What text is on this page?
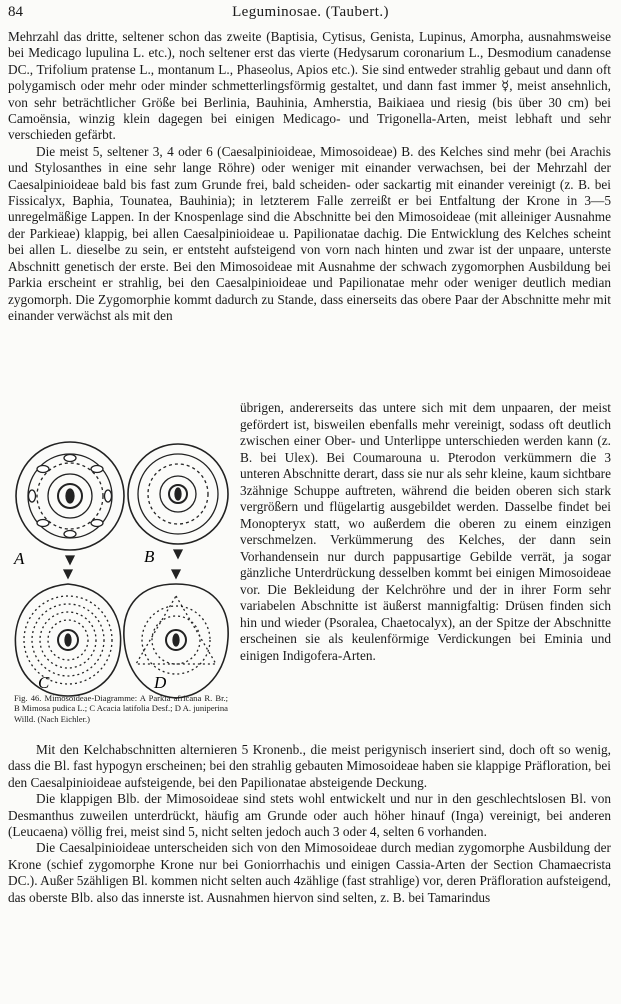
84	Leguminosae. (Taubert.)

Mehrzahl das dritte, seltener schon das zweite (Baptisia, Cytisus, Genista, Lupinus, Amorpha, ausnahmsweise bei Medicago lupulina L. etc.), noch seltener erst das vierte (Hedysarum coronarium L., Desmodium canadense DC., Trifolium pratense L., montanum L., Phaseolus, Apios etc.). Sie sind entweder strahlig gebaut und dann oft polygamisch oder mehr oder minder schmetterlingsförmig gestaltet, und dann fast immer ☿, meist ansehnlich, von sehr beträchtlicher Größe bei Berlinia, Bauhinia, Amherstia, Baikiaea und riesig (bis über 30 cm) bei Camoënsia, winzig klein dagegen bei einigen Medicago- und Trigonella-Arten, meist lebhaft und sehr verschieden gefärbt.

Die meist 5, seltener 3, 4 oder 6 (Caesalpinioideae, Mimosoideae) B. des Kelches sind mehr (bei Arachis und Stylosanthes in eine sehr lange Röhre) oder weniger mit einander verwachsen, bei der Mehrzahl der Caesalpinioideae bald bis fast zum Grunde frei, bald scheiden- oder sackartig mit einander vereinigt (z. B. bei Fissicalyx, Baphia, Tounatea, Bauhinia); in letzterem Falle zerreißt er bei Entfaltung der Krone in 3—5 unregelmäßige Lappen. In der Knospenlage sind die Abschnitte bei den Mimosoideae (mit alleiniger Ausnahme der Parkieae) klappig, bei allen Caesalpinioideae u. Papilionatae dachig. Die Entwicklung des Kelches scheint bei allen L. dieselbe zu sein, er entsteht aufsteigend von vorn nach hinten und zwar ist der unpaare, unterste Abschnitt genetisch der erste. Bei den Mimosoideae mit Ausnahme der schwach zygomorphen Ausbildung bei Parkia erscheint er strahlig, bei den Caesalpinioideae und Papilionatae mehr oder weniger deutlich median zygomorph. Die Zygomorphie kommt dadurch zu Stande, dass einerseits das obere Paar der Abschnitte mehr mit einander verwächst als mit den

A	B
C	D
Fig. 46. Mimosoideae-Diagramme: A Parkia africana R. Br.; B Mimosa pudica L.; C Acacia latifolia Desf.; D A. juniperina Willd. (Nach Eichler.)

übrigen, andererseits das untere sich mit dem unpaaren, der meist gefördert ist, bisweilen ebenfalls mehr vereinigt, sodass oft deutlich zwischen einer Ober- und Unterlippe unterschieden werden kann (z. B. bei Ulex). Bei Coumarouna u. Pterodon verkümmern die 3 unteren Abschnitte derart, dass sie nur als sehr kleine, kaum sichtbare 3zähnige Schuppe auftreten, während die beiden oberen sich stark vergrößern und flügelartig ausgebildet werden. Dasselbe findet bei Monopteryx statt, wo außerdem die oberen zu einem einzigen verschmelzen. Verkümmerung des Kelches, der dann sein Vorhandensein nur durch pappusartige Gebilde verrät, ja sogar gänzliche Unterdrückung desselben kommt bei einigen Mimosoideae vor. Die Bekleidung der Kelchröhre und der in ihrer Form sehr variabelen Abschnitte ist äußerst mannigfaltig: Drüsen finden sich hin und wieder (Psoralea, Chaetocalyx), an der Spitze der Abschnitte erscheinen sie als keulenförmige Verdickungen bei Eminia und einigen Indigofera-Arten.

Mit den Kelchabschnitten alternieren 5 Kronenb., die meist perigynisch inseriert sind, doch oft so wenig, dass die Bl. fast hypogyn erscheinen; bei den strahlig gebauten Mimosoideae haben sie klappige Präfloration, bei den Caesalpinioideae aufsteigende, bei den Papilionatae absteigende Deckung.

Die klappigen Blb. der Mimosoideae sind stets wohl entwickelt und nur in den geschlechtslosen Bl. von Desmanthus zuweilen unterdrückt, häufig am Grunde oder auch höher hinauf (Inga) vereinigt, bei anderen (Leucaena) völlig frei, meist sind 5, nicht selten jedoch auch 3 oder 4, selten 6 vorhanden.

Die Caesalpinioideae unterscheiden sich von den Mimosoideae durch median zygomorphe Ausbildung der Krone (schief zygomorphe Krone nur bei Goniorrhachis und einigen Cassia-Arten der Section Chamaecrista DC.). Außer 5zähligen Bl. kommen nicht selten auch 4zählige (fast strahlige) vor, deren Präfloration aufsteigend, das oberste Blb. also das innerste ist. Ausnahmen hiervon sind selten, z. B. bei Tamarindus
